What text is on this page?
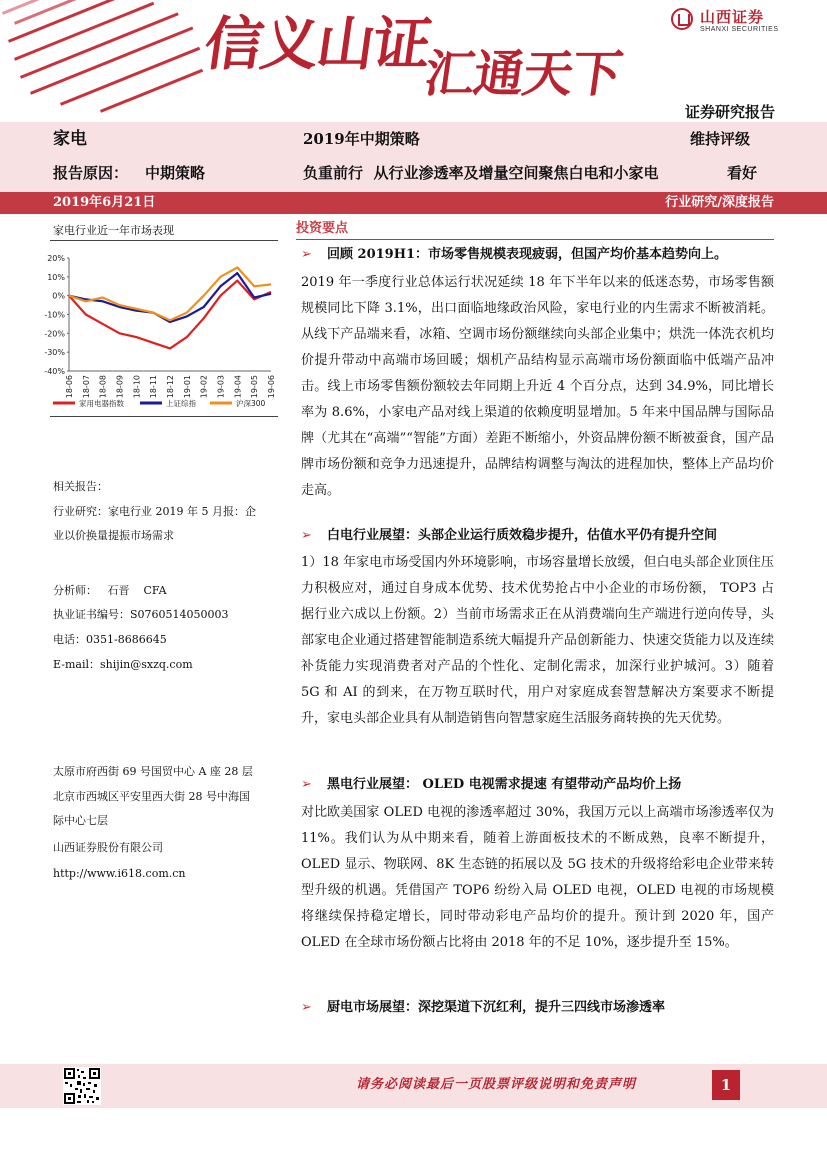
信义山证
汇通天下
山西证券
SHANXI SECURITIES
证券研究报告
家电	2019年中期策略	维持评级
报告原因： 中期策略	负重前行  从行业渗透率及增量空间聚焦白电和小家电	看好
2019年6月21日	行业研究/深度报告
家电行业近一年市场表现
20%
10%
0%
-10%
-20%
-30%
-40%
18-06 18-07 18-08 18-09 18-10 18-11 18-12 19-01 19-02 19-03 19-04 19-05 19-06
家用电器指数	上证综指	沪深300
相关报告：
行业研究：家电行业 2019 年 5 月报：企
业以价换量提振市场需求
分析师：   石晋    CFA
执业证书编号：S0760514050003
电话：0351-8686645
E-mail：shijin@sxzq.com
太原市府西街 69 号国贸中心 A 座 28 层
北京市西城区平安里西大街 28 号中海国
际中心七层
山西证券股份有限公司
http://www.i618.com.cn
投资要点
➢ 回顾 2019H1：市场零售规模表现疲弱，但国产均价基本趋势向上。
2019 年一季度行业总体运行状况延续 18 年下半年以来的低迷态势，市场零售额规模同比下降 3.1%，出口面临地缘政治风险，家电行业的内生需求不断被消耗。从线下产品端来看，冰箱、空调市场份额继续向头部企业集中；烘洗一体洗衣机均价提升带动中高端市场回暖；烟机产品结构显示高端市场份额面临中低端产品冲击。线上市场零售额份额较去年同期上升近 4 个百分点，达到 34.9%，同比增长率为 8.6%，小家电产品对线上渠道的依赖度明显增加。5 年来中国品牌与国际品牌（尤其在“高端”“智能”方面）差距不断缩小，外资品牌份额不断被蚕食，国产品牌市场份额和竞争力迅速提升，品牌结构调整与淘汰的进程加快，整体上产品均价走高。
➢ 白电行业展望：头部企业运行质效稳步提升，估值水平仍有提升空间
1）18 年家电市场受国内外环境影响，市场容量增长放缓，但白电头部企业顶住压力积极应对，通过自身成本优势、技术优势抢占中小企业的市场份额， TOP3 占据行业六成以上份额。2）当前市场需求正在从消费端向生产端进行逆向传导，头部家电企业通过搭建智能制造系统大幅提升产品创新能力、快速交货能力以及连续补货能力实现消费者对产品的个性化、定制化需求，加深行业护城河。3）随着 5G 和 AI 的到来，在万物互联时代，用户对家庭成套智慧解决方案要求不断提升，家电头部企业具有从制造销售向智慧家庭生活服务商转换的先天优势。
➢ 黑电行业展望： OLED 电视需求提速 有望带动产品均价上扬
对比欧美国家 OLED 电视的渗透率超过 30%，我国万元以上高端市场渗透率仅为 11%。我们认为从中期来看，随着上游面板技术的不断成熟，良率不断提升，OLED 显示、物联网、8K 生态链的拓展以及 5G 技术的升级将给彩电企业带来转型升级的机遇。凭借国产 TOP6 纷纷入局 OLED 电视，OLED 电视的市场规模将继续保持稳定增长，同时带动彩电产品均价的提升。预计到 2020 年，国产 OLED 在全球市场份额占比将由 2018 年的不足 10%，逐步提升至 15%。
➢ 厨电市场展望：深挖渠道下沉红利，提升三四线市场渗透率
请务必阅读最后一页股票评级说明和免责声明	1
